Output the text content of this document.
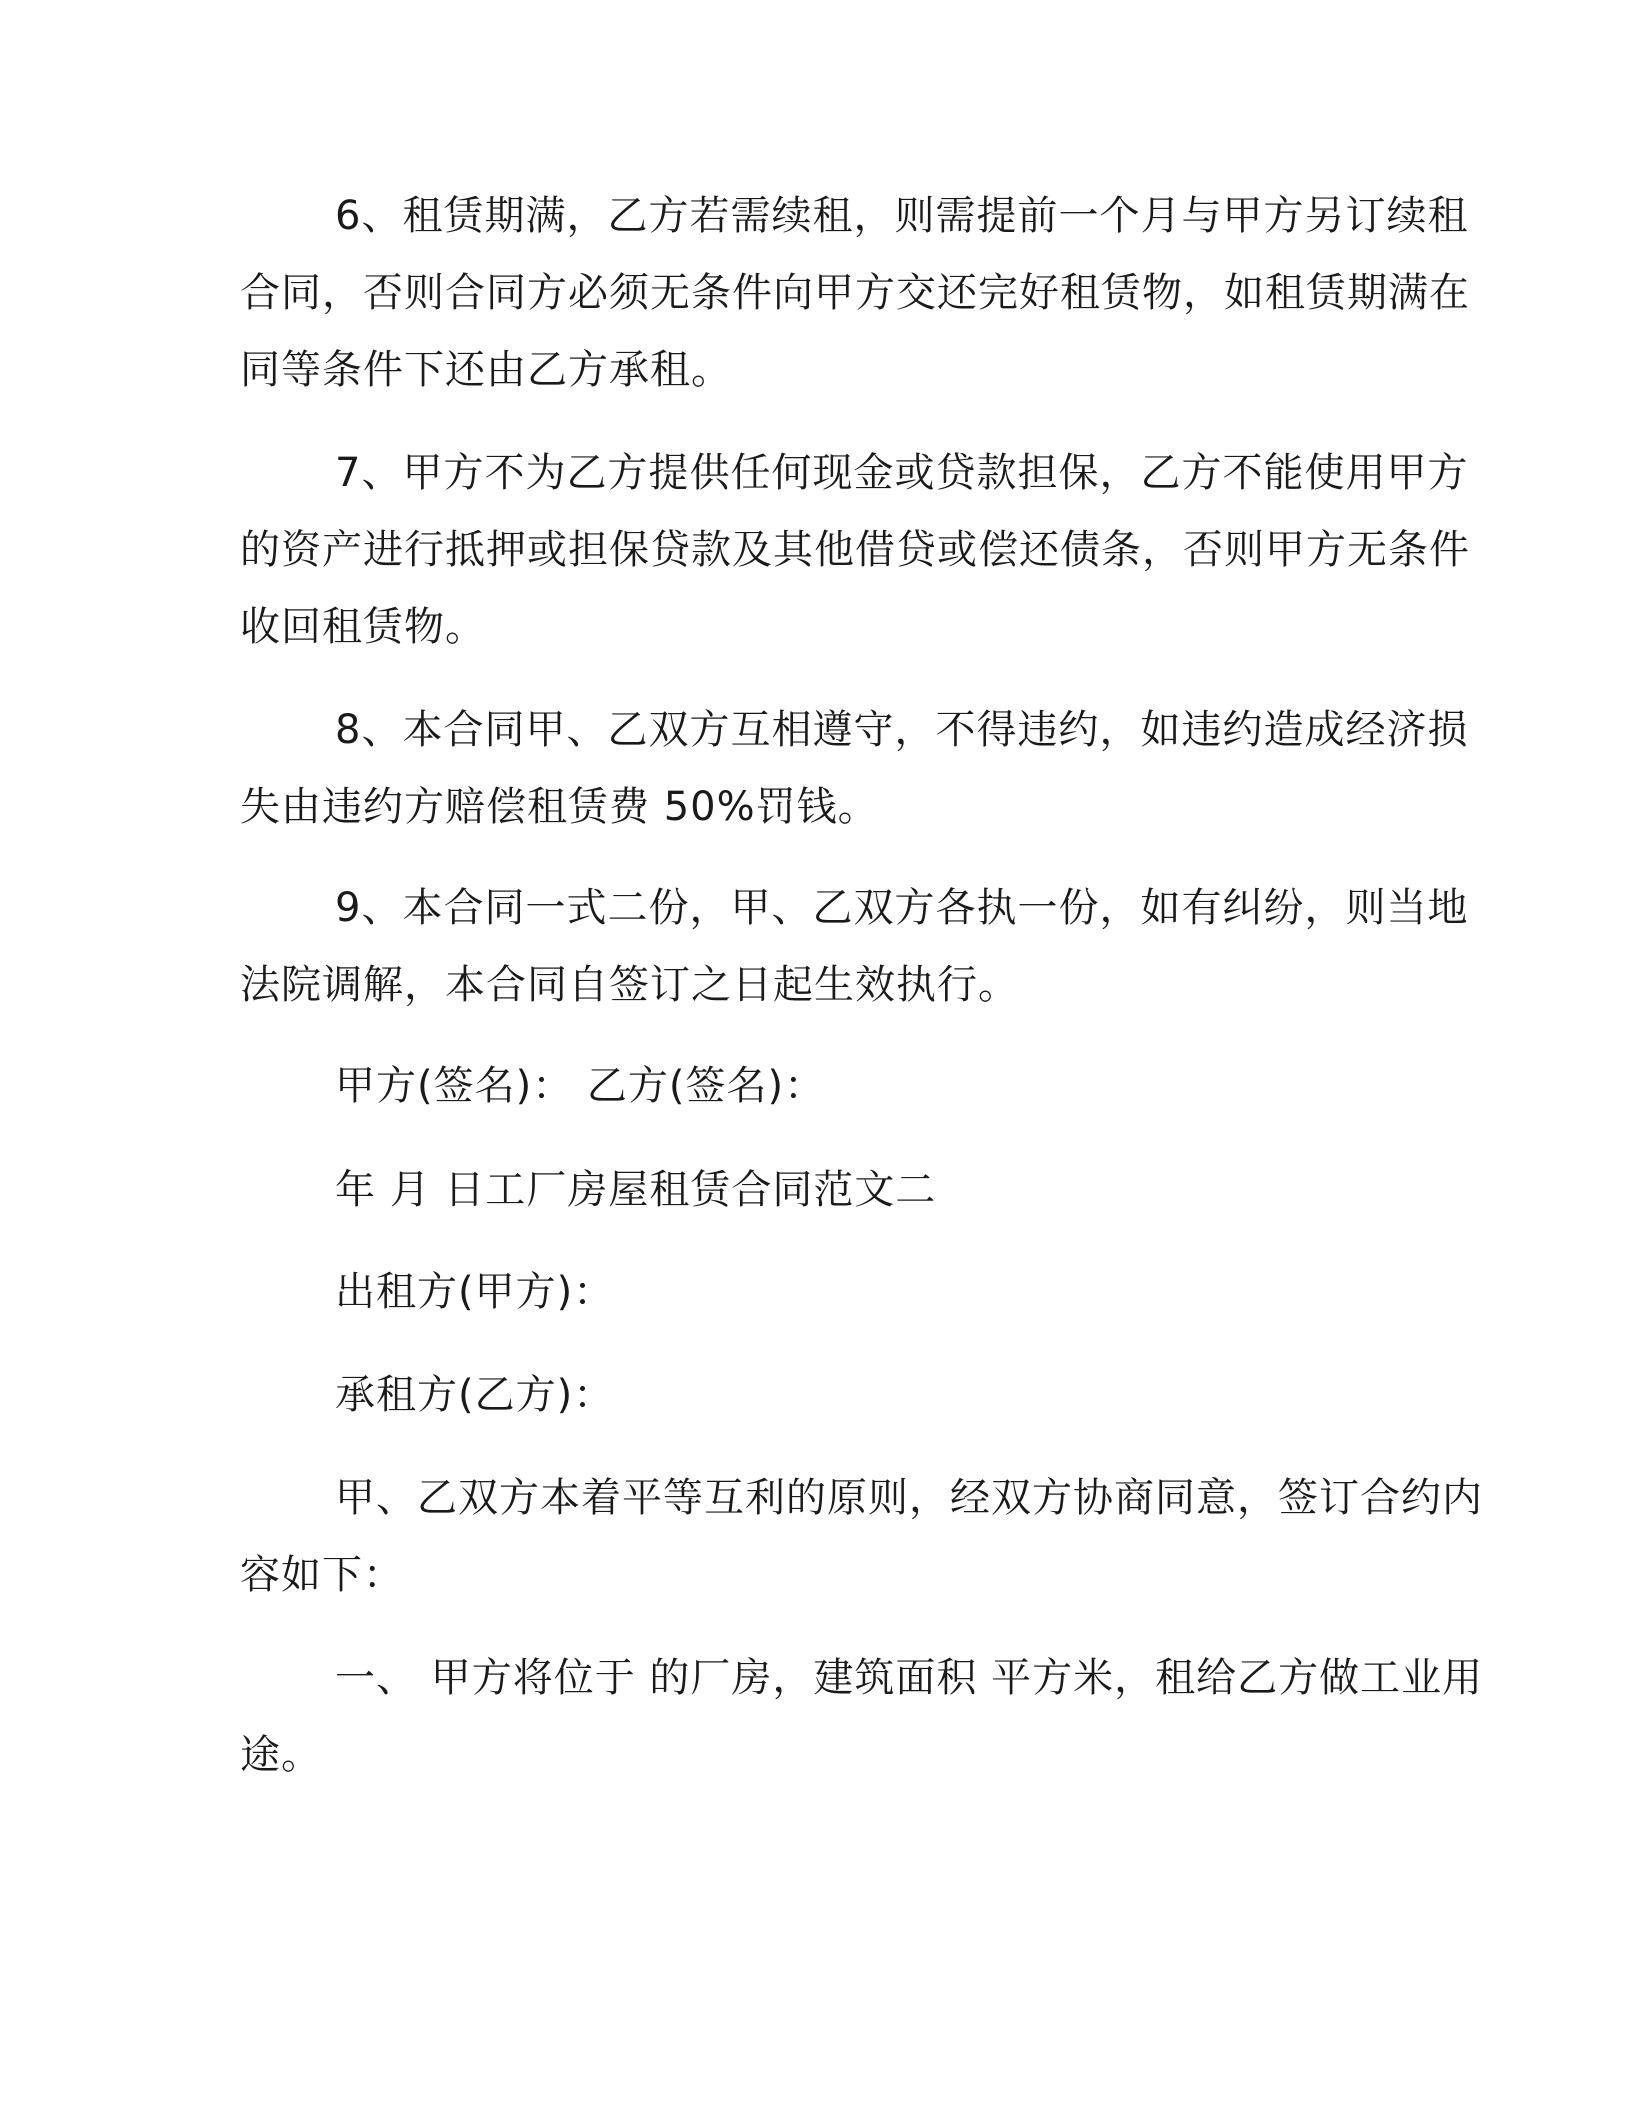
6、租赁期满，乙方若需续租，则需提前一个月与甲方另订续租
合同，否则合同方必须无条件向甲方交还完好租赁物，如租赁期满在
同等条件下还由乙方承租。
7、甲方不为乙方提供任何现金或贷款担保，乙方不能使用甲方
的资产进行抵押或担保贷款及其他借贷或偿还债条，否则甲方无条件
收回租赁物。
8、本合同甲、乙双方互相遵守，不得违约，如违约造成经济损
失由违约方赔偿租赁费 50%罚钱。
9、本合同一式二份，甲、乙双方各执一份，如有纠纷，则当地
法院调解，本合同自签订之日起生效执行。

甲方(签名)： 乙方(签名)：

年 月 日工厂房屋租赁合同范文二

出租方(甲方)：

承租方(乙方)：

甲、乙双方本着平等互利的原则，经双方协商同意，签订合约内
容如下：
一、 甲方将位于 的厂房，建筑面积 平方米，租给乙方做工业用
途。
